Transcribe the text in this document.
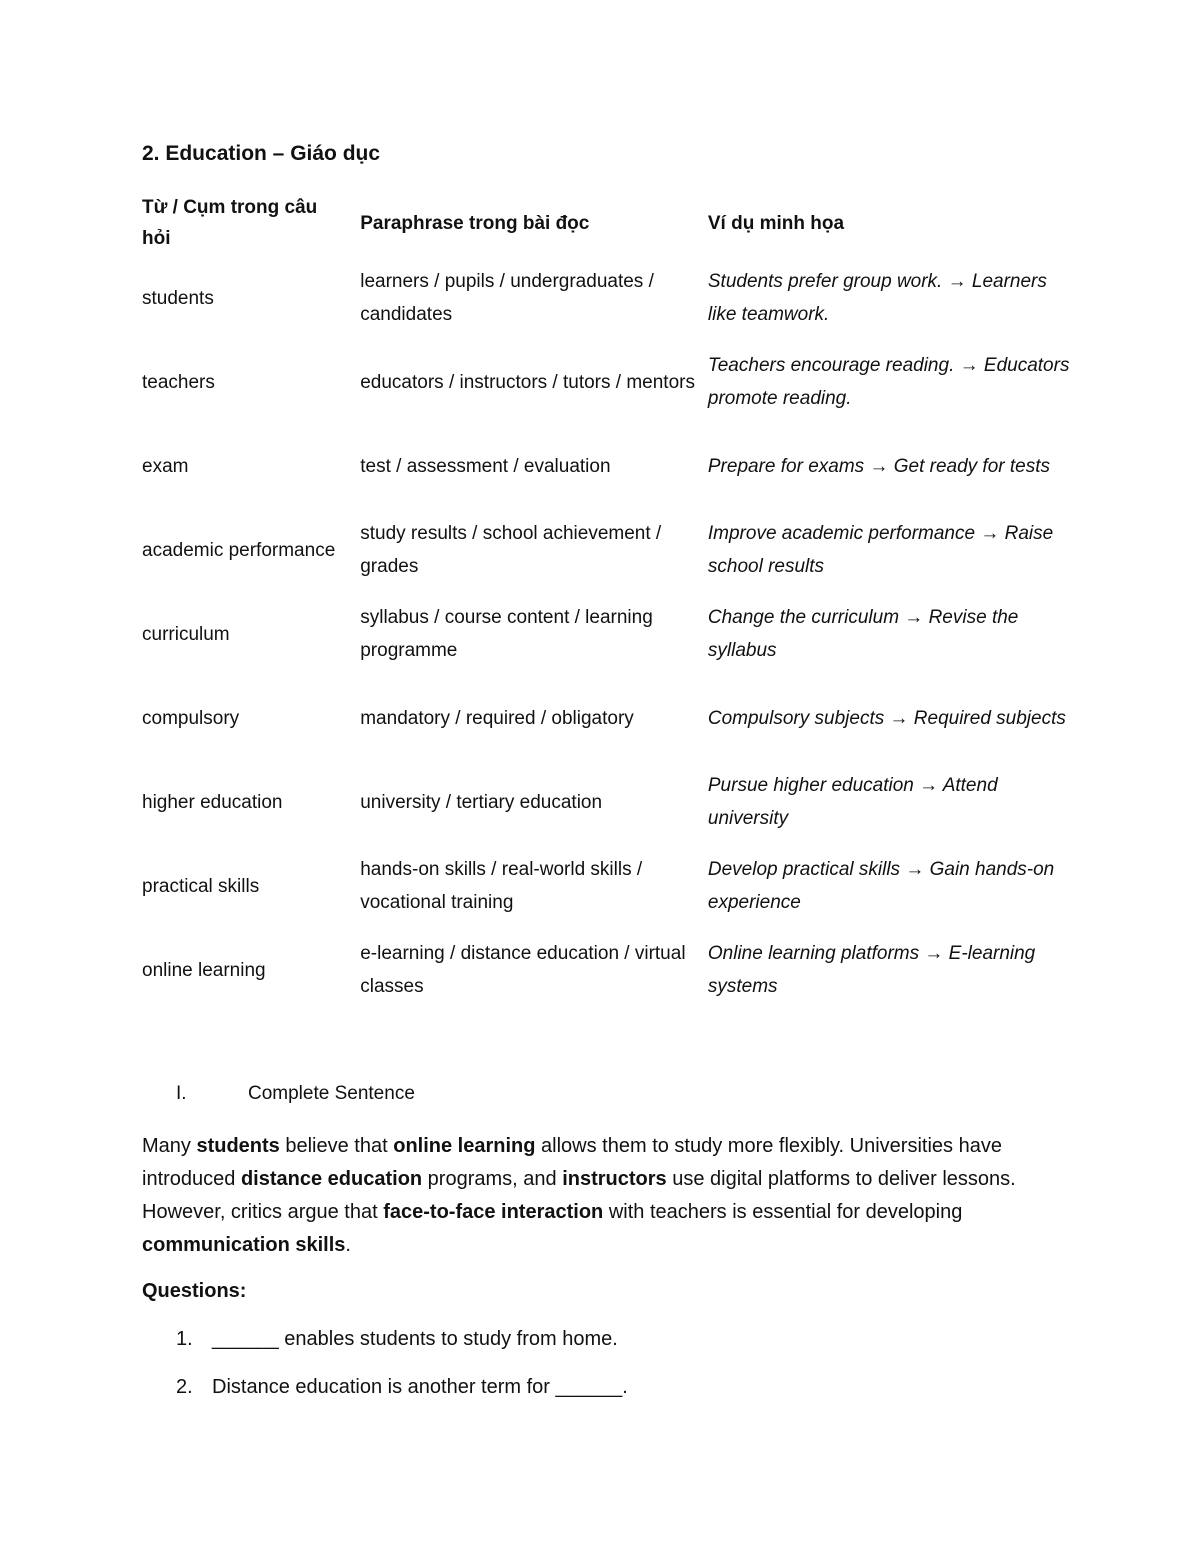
2. Education – Giáo dục
Từ / Cụm trong câu hỏi	Paraphrase trong bài đọc	Ví dụ minh họa
students	learners / pupils / undergraduates / candidates	Students prefer group work. → Learners like teamwork.
teachers	educators / instructors / tutors / mentors	Teachers encourage reading. → Educators promote reading.
exam	test / assessment / evaluation	Prepare for exams → Get ready for tests
academic performance	study results / school achievement / grades	Improve academic performance → Raise school results
curriculum	syllabus / course content / learning programme	Change the curriculum → Revise the syllabus
compulsory	mandatory / required / obligatory	Compulsory subjects → Required subjects
higher education	university / tertiary education	Pursue higher education → Attend university
practical skills	hands-on skills / real-world skills / vocational training	Develop practical skills → Gain hands-on experience
online learning	e-learning / distance education / virtual classes	Online learning platforms → E-learning systems
I.	Complete Sentence
Many students believe that online learning allows them to study more flexibly. Universities have introduced distance education programs, and instructors use digital platforms to deliver lessons. However, critics argue that face-to-face interaction with teachers is essential for developing communication skills.
Questions:
1. ______ enables students to study from home.
2. Distance education is another term for ______.
